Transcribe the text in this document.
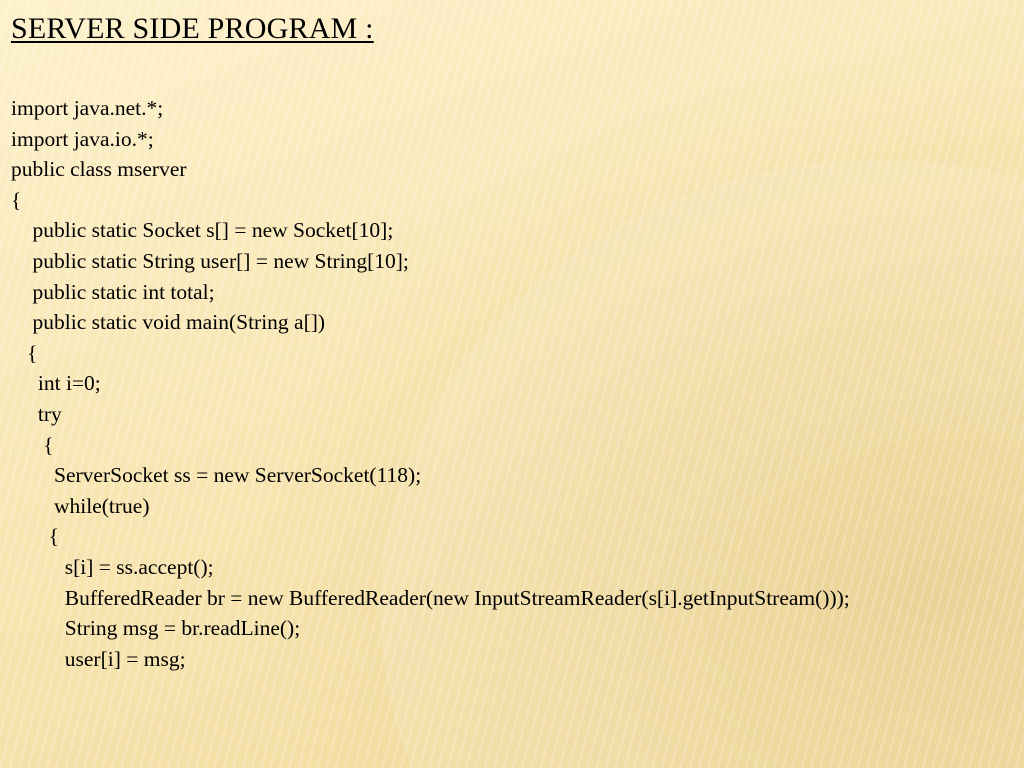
SERVER SIDE PROGRAM :
import java.net.*;
import java.io.*;
public class mserver
{
public static Socket s[] = new Socket[10];
public static String user[] = new String[10];
public static int total;
public static void main(String a[])
{
int i=0;
try
{
ServerSocket ss = new ServerSocket(118);
while(true)
{
s[i] = ss.accept();
BufferedReader br = new BufferedReader(new InputStreamReader(s[i].getInputStream()));
String msg = br.readLine();
user[i] = msg;
